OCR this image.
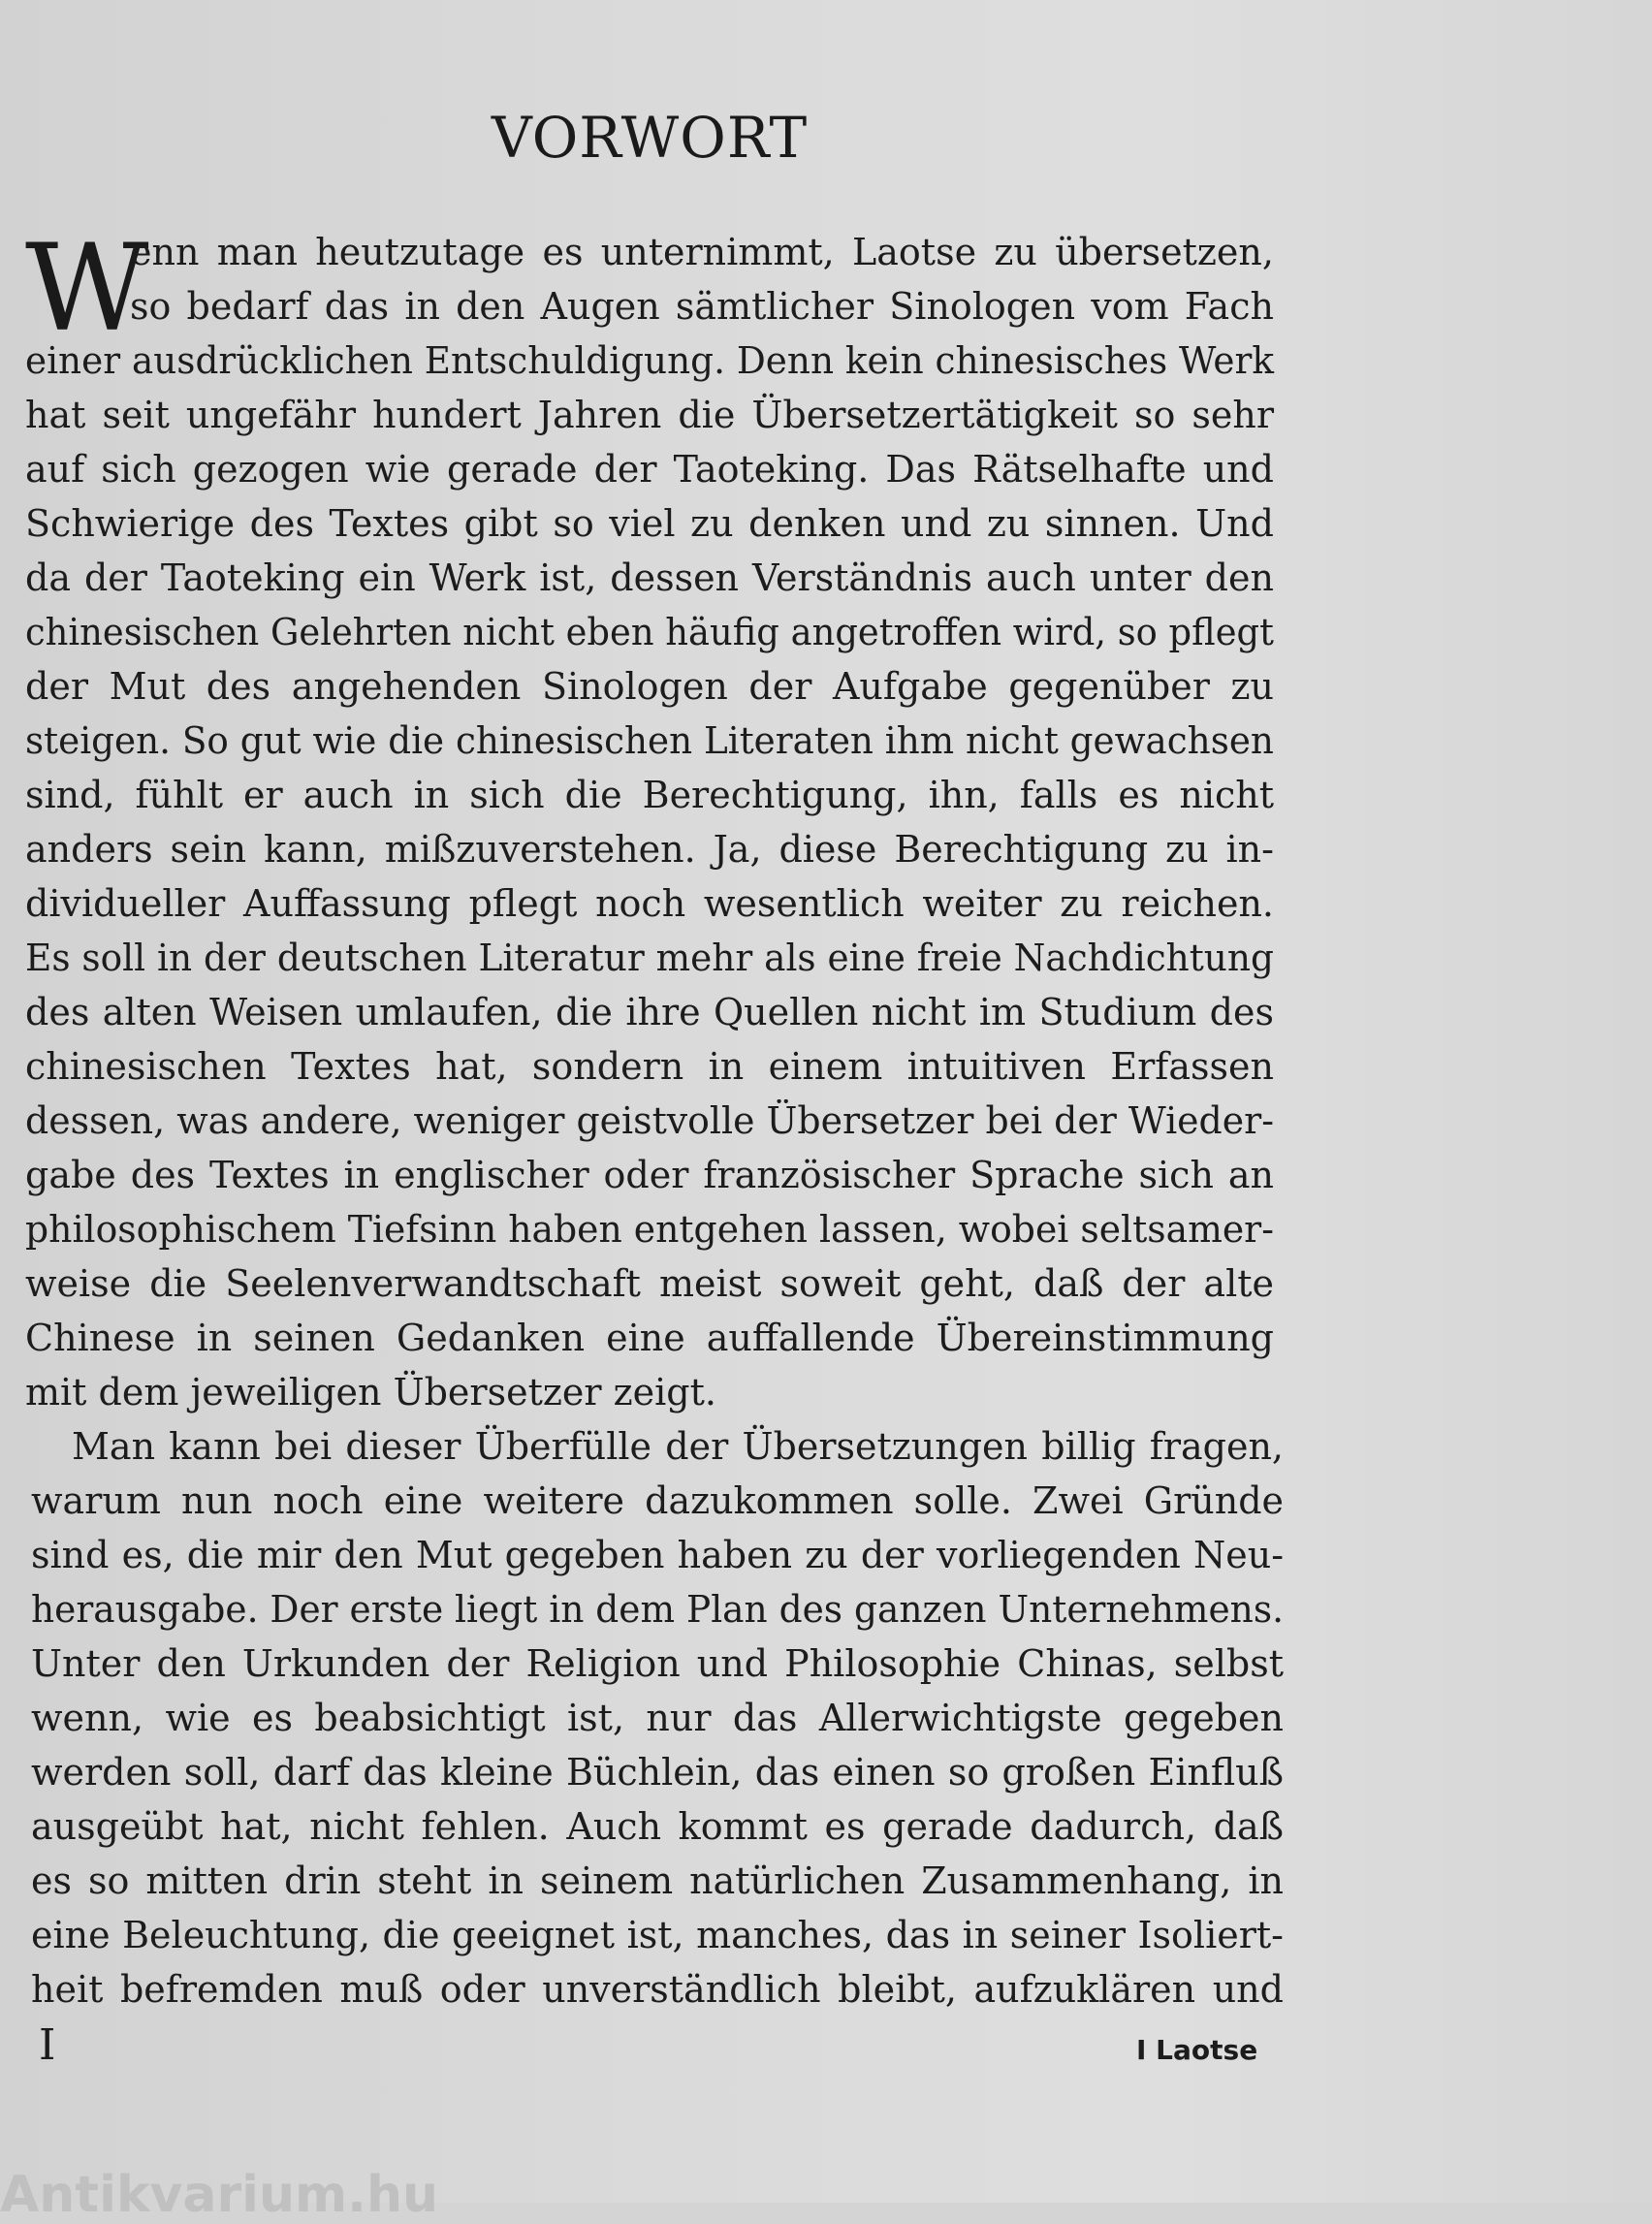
VORWORT
W
enn man heutzutage es unternimmt, Laotse zu übersetzen,
so bedarf das in den Augen sämtlicher Sinologen vom Fach
einer ausdrücklichen Entschuldigung. Denn kein chinesisches Werk
hat seit ungefähr hundert Jahren die Übersetzertätigkeit so sehr
auf sich gezogen wie gerade der Taoteking. Das Rätselhafte und
Schwierige des Textes gibt so viel zu denken und zu sinnen. Und
da der Taoteking ein Werk ist, dessen Verständnis auch unter den
chinesischen Gelehrten nicht eben häufig angetroffen wird, so pflegt
der Mut des angehenden Sinologen der Aufgabe gegenüber zu
steigen. So gut wie die chinesischen Literaten ihm nicht gewachsen
sind, fühlt er auch in sich die Berechtigung, ihn, falls es nicht
anders sein kann, mißzuverstehen. Ja, diese Berechtigung zu in-
dividueller Auffassung pflegt noch wesentlich weiter zu reichen.
Es soll in der deutschen Literatur mehr als eine freie Nachdichtung
des alten Weisen umlaufen, die ihre Quellen nicht im Studium des
chinesischen Textes hat, sondern in einem intuitiven Erfassen
dessen, was andere, weniger geistvolle Übersetzer bei der Wieder-
gabe des Textes in englischer oder französischer Sprache sich an
philosophischem Tiefsinn haben entgehen lassen, wobei seltsamer-
weise die Seelenverwandtschaft meist soweit geht, daß der alte
Chinese in seinen Gedanken eine auffallende Übereinstimmung
mit dem jeweiligen Übersetzer zeigt.
Man kann bei dieser Überfülle der Übersetzungen billig fragen,
warum nun noch eine weitere dazukommen solle. Zwei Gründe
sind es, die mir den Mut gegeben haben zu der vorliegenden Neu-
herausgabe. Der erste liegt in dem Plan des ganzen Unternehmens.
Unter den Urkunden der Religion und Philosophie Chinas, selbst
wenn, wie es beabsichtigt ist, nur das Allerwichtigste gegeben
werden soll, darf das kleine Büchlein, das einen so großen Einfluß
ausgeübt hat, nicht fehlen. Auch kommt es gerade dadurch, daß
es so mitten drin steht in seinem natürlichen Zusammenhang, in
eine Beleuchtung, die geeignet ist, manches, das in seiner Isoliert-
heit befremden muß oder unverständlich bleibt, aufzuklären und
I	I Laotse
Antikvarium.hu
